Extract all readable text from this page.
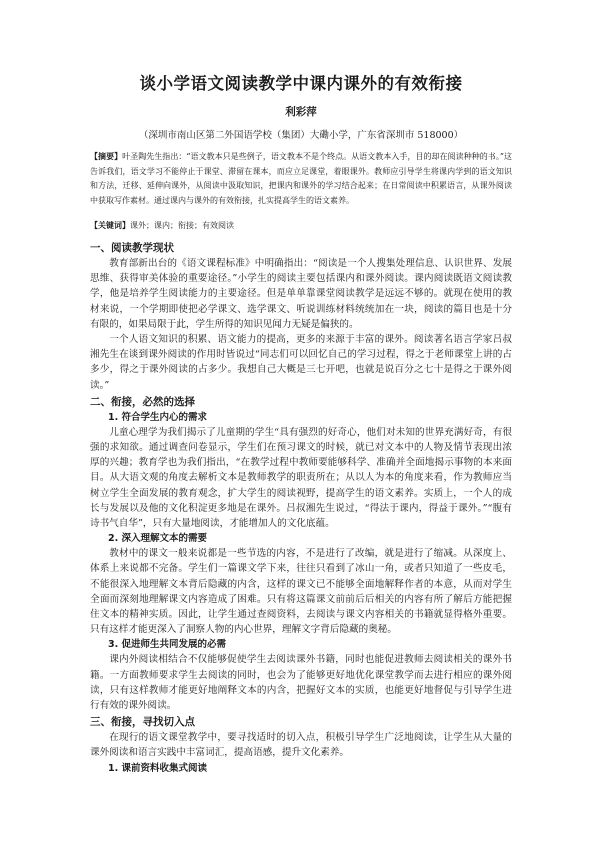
谈小学语文阅读教学中课内课外的有效衔接
利彩萍
（深圳市南山区第二外国语学校（集团）大磡小学，广东省深圳市 518000）

【摘要】叶圣陶先生指出：“语文教本只是些例子，语文教本不是个终点。从语文教本入手，目的却在阅读种种的书。”这告诉我们，语文学习不能停止于课堂、滞留在课本，而应立足课堂，着眼课外。教师应引导学生将课内学到的语文知识和方法，迁移、延伸向课外，从阅读中汲取知识，把课内和课外的学习结合起来；在日常阅读中积累语言，从课外阅读中获取写作素材。通过课内与课外的有效衔接，扎实提高学生的语文素养。

【关键词】课外；课内；衔接；有效阅读

一、阅读教学现状

教育部新出台的《语文课程标准》中明确指出：“阅读是一个人搜集处理信息、认识世界、发展思维、获得审美体验的重要途径。”小学生的阅读主要包括课内和课外阅读。课内阅读既语文阅读教学，他是培养学生阅读能力的主要途径。但是单单靠课堂阅读教学是远远不够的。就现在使用的教材来说，一个学期即使把必学课文、选学课文、听说训练材料统统加在一块，阅读的篇目也是十分有限的，如果局限于此，学生所得的知识见闻力无疑是偏狭的。

一个人语文知识的积累、语文能力的提高，更多的来源于丰富的课外。阅读著名语言学家吕叔湘先生在谈到课外阅读的作用时皆说过“同志们可以回忆自己的学习过程，得之于老师课堂上讲的占多少，得之于课外阅读的占多少。我想自己大概是三七开吧，也就是说百分之七十是得之于课外阅读。”

二、衔接，必然的选择
1. 符合学生内心的需求

儿童心理学为我们揭示了儿童期的学生“具有强烈的好奇心，他们对未知的世界充满好奇，有很强的求知欲。通过调查问卷显示，学生们在预习课文的时候，就已对文本中的人物及情节表现出浓厚的兴趣；教育学也为我们指出，“在教学过程中教师要能够科学、准确并全面地揭示事物的本来面目。从大语文观的角度去解析文本是教师教学的职责所在；从以人为本的角度来看，作为教师应当树立学生全面发展的教育观念，扩大学生的阅读视野，提高学生的语文素养。实质上，一个人的成长与发展以及他的文化积淀更多地是在课外。吕叔湘先生说过，“得法于课内，得益于课外。”“腹有诗书气自华”，只有大量地阅读，才能增加人的文化底蕴。

2. 深入理解文本的需要

教材中的课文一般来说都是一些节选的内容，不是进行了改编，就是进行了缩减。从深度上、体系上来说都不完备。学生们一篇课文学下来，往往只看到了冰山一角，或者只知道了一些皮毛，不能很深入地理解文本背后隐藏的内含，这样的课文已不能够全面地解释作者的本意，从而对学生全面而深刻地理解课文内容造成了困难。只有将这篇课文前前后后相关的内容有所了解后方能把握住文本的精神实质。因此，让学生通过查阅资料，去阅读与课文内容相关的书籍就显得格外重要。只有这样才能更深入了洞察人物的内心世界，理解文字背后隐藏的奥秘。

3. 促进师生共同发展的必需

课内外阅读相结合不仅能够促使学生去阅读课外书籍，同时也能促进教师去阅读相关的课外书籍。一方面教师要求学生去阅读的同时，也会为了能够更好地优化课堂教学而去进行相应的课外阅读，只有这样教师才能更好地阐释文本的内含，把握好文本的实质，也能更好地督促与引导学生进行有效的课外阅读。

三、衔接，寻找切入点

在现行的语文课堂教学中，要寻找适时的切入点，积极引导学生广泛地阅读，让学生从大量的课外阅读和语言实践中丰富词汇，提高语感，提升文化素养。

1. 课前资料收集式阅读
